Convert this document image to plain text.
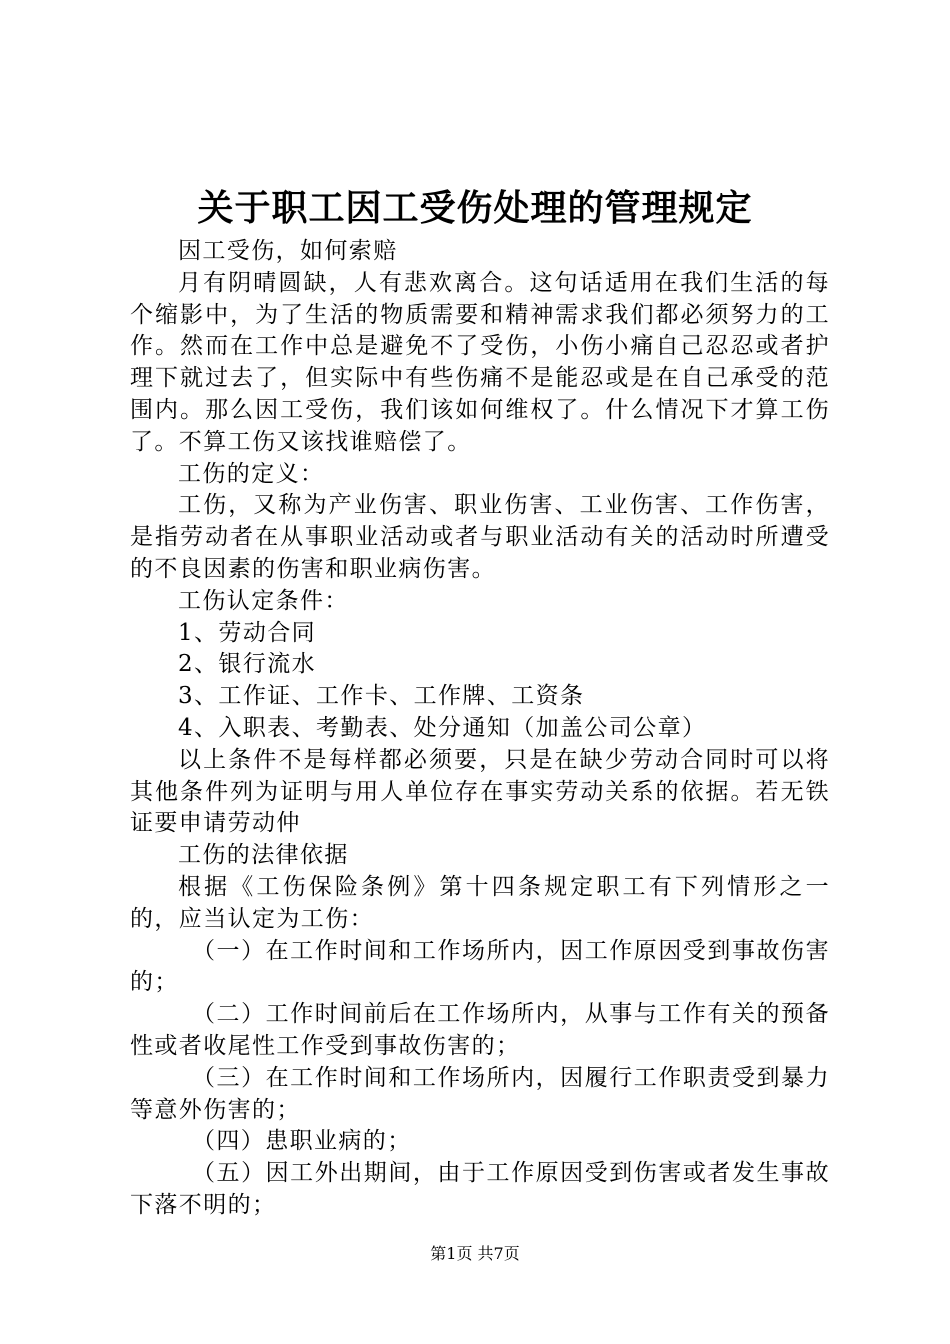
关于职工因工受伤处理的管理规定

因工受伤，如何索赔

月有阴晴圆缺，人有悲欢离合。这句话适用在我们生活的每个缩影中，为了生活的物质需要和精神需求我们都必须努力的工作。然而在工作中总是避免不了受伤，小伤小痛自己忍忍或者护理下就过去了，但实际中有些伤痛不是能忍或是在自己承受的范围内。那么因工受伤，我们该如何维权了。什么情况下才算工伤了。不算工伤又该找谁赔偿了。

工伤的定义：

工伤，又称为产业伤害、职业伤害、工业伤害、工作伤害，是指劳动者在从事职业活动或者与职业活动有关的活动时所遭受的不良因素的伤害和职业病伤害。

工伤认定条件：

1、劳动合同

2、银行流水

3、工作证、工作卡、工作牌、工资条

4、入职表、考勤表、处分通知（加盖公司公章）

以上条件不是每样都必须要，只是在缺少劳动合同时可以将其他条件列为证明与用人单位存在事实劳动关系的依据。若无铁证要申请劳动仲

工伤的法律依据

根据《工伤保险条例》第十四条规定职工有下列情形之一的，应当认定为工伤：

（一）在工作时间和工作场所内，因工作原因受到事故伤害的；

（二）工作时间前后在工作场所内，从事与工作有关的预备性或者收尾性工作受到事故伤害的；

（三）在工作时间和工作场所内，因履行工作职责受到暴力等意外伤害的；

（四）患职业病的；

（五）因工外出期间，由于工作原因受到伤害或者发生事故下落不明的；

第1页 共7页
